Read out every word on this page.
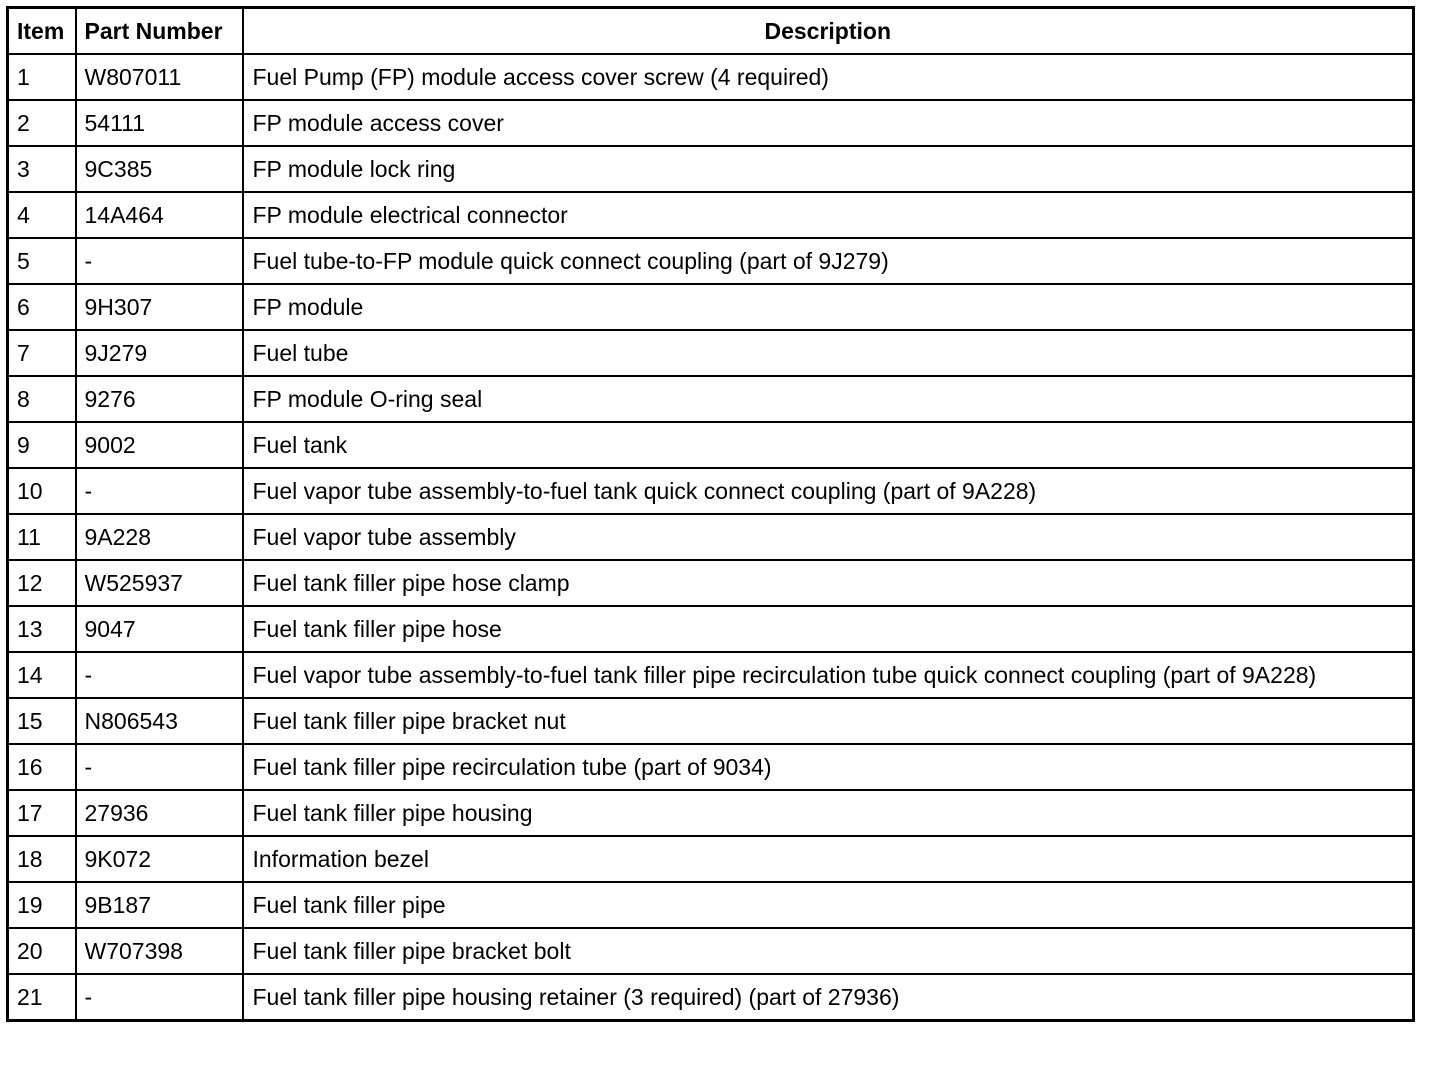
Item	Part Number	Description
1	W807011	Fuel Pump (FP) module access cover screw (4 required)
2	54111	FP module access cover
3	9C385	FP module lock ring
4	14A464	FP module electrical connector
5	-	Fuel tube-to-FP module quick connect coupling (part of 9J279)
6	9H307	FP module
7	9J279	Fuel tube
8	9276	FP module O-ring seal
9	9002	Fuel tank
10	-	Fuel vapor tube assembly-to-fuel tank quick connect coupling (part of 9A228)
11	9A228	Fuel vapor tube assembly
12	W525937	Fuel tank filler pipe hose clamp
13	9047	Fuel tank filler pipe hose
14	-	Fuel vapor tube assembly-to-fuel tank filler pipe recirculation tube quick connect coupling (part of 9A228)
15	N806543	Fuel tank filler pipe bracket nut
16	-	Fuel tank filler pipe recirculation tube (part of 9034)
17	27936	Fuel tank filler pipe housing
18	9K072	Information bezel
19	9B187	Fuel tank filler pipe
20	W707398	Fuel tank filler pipe bracket bolt
21	-	Fuel tank filler pipe housing retainer (3 required) (part of 27936)
